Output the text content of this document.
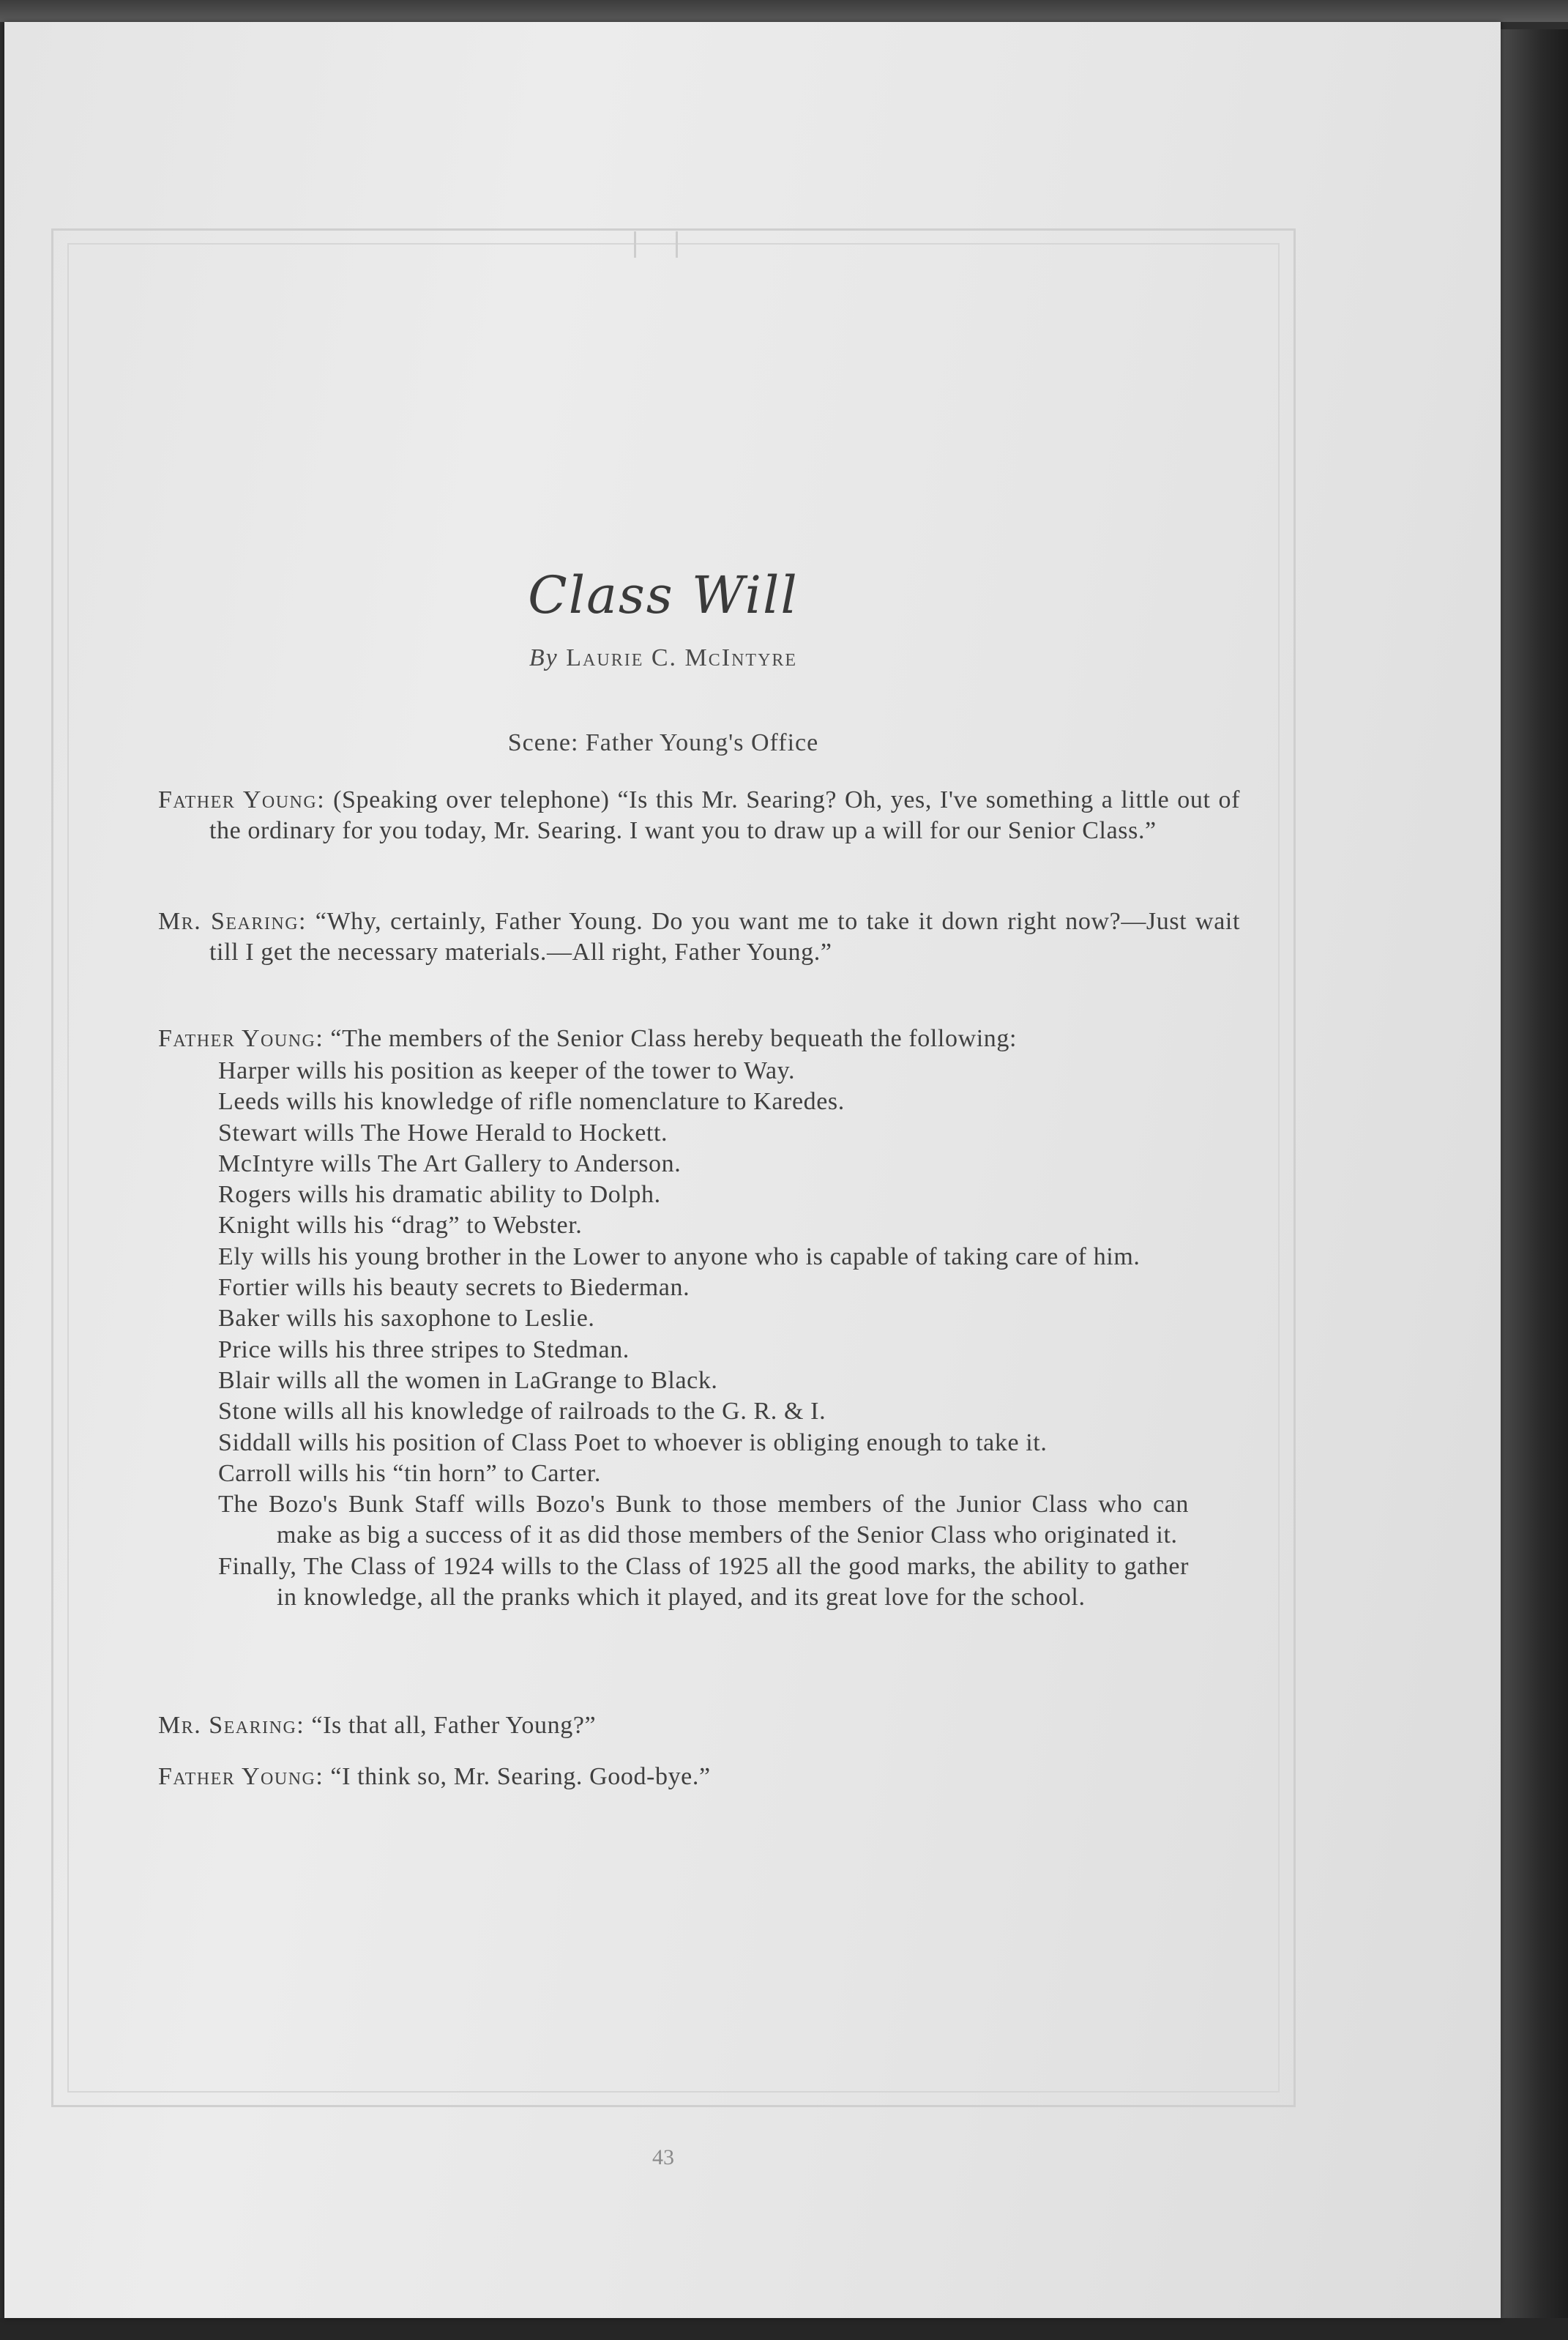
Class Will
By Laurie C. McIntyre
Scene: Father Young's Office

Father Young: (Speaking over telephone) “Is this Mr. Searing? Oh, yes, I've something a little out of the ordinary for you today, Mr. Searing. I want you to draw up a will for our Senior Class.”

Mr. Searing: “Why, certainly, Father Young. Do you want me to take it down right now?—Just wait till I get the necessary materials.—All right, Father Young.”

Father Young: “The members of the Senior Class hereby bequeath the following:

Harper wills his position as keeper of the tower to Way.
Leeds wills his knowledge of rifle nomenclature to Karedes.
Stewart wills The Howe Herald to Hockett.
McIntyre wills The Art Gallery to Anderson.
Rogers wills his dramatic ability to Dolph.
Knight wills his “drag” to Webster.
Ely wills his young brother in the Lower to anyone who is capable of taking care of him.
Fortier wills his beauty secrets to Biederman.
Baker wills his saxophone to Leslie.
Price wills his three stripes to Stedman.
Blair wills all the women in LaGrange to Black.
Stone wills all his knowledge of railroads to the G. R. & I.
Siddall wills his position of Class Poet to whoever is obliging enough to take it.
Carroll wills his “tin horn” to Carter.
The Bozo's Bunk Staff wills Bozo's Bunk to those members of the Junior Class who can make as big a success of it as did those members of the Senior Class who originated it.
Finally, The Class of 1924 wills to the Class of 1925 all the good marks, the ability to gather in knowledge, all the pranks which it played, and its great love for the school.

Mr. Searing: “Is that all, Father Young?”

Father Young: “I think so, Mr. Searing. Good-bye.”

43
